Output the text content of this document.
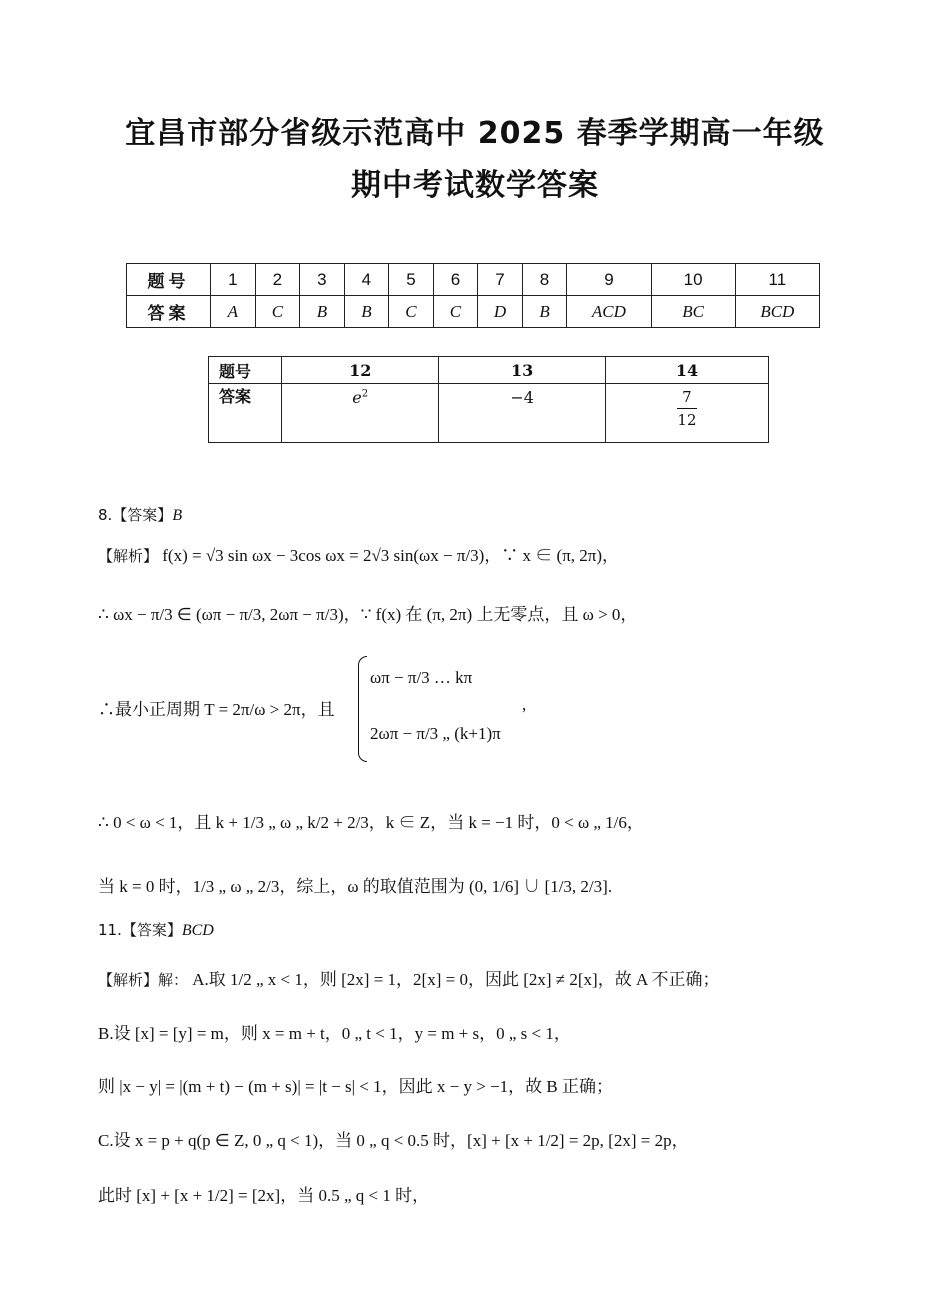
宜昌市部分省级示范高中 2025 春季学期高一年级
期中考试数学答案
题号	1	2	3	4	5	6	7	8	9	10	11
答案	A	C	B	B	C	C	D	B	ACD	BC	BCD
题号	12	13	14
答案	$e^2$	−4	$\frac{7}{12}$
8.【答案】B
【解析】 f(x) = √3 sin ωx − 3cos ωx = 2√3 sin(ωx − π/3)，∵ x ∈ (π, 2π)，
∴ ωx − π/3 ∈ (ωπ − π/3, 2ωπ − π/3)，∵ f(x) 在 (π, 2π) 上无零点，且 ω > 0，
∴最小正周期 T = 2π/ω > 2π，且
ωπ − π/3 … kπ
2ωπ − π/3 „ (k+1)π
,
∴ 0 < ω < 1，且 k + 1/3 „ ω „ k/2 + 2/3，k ∈ Z，当 k = −1 时，0 < ω „ 1/6，
当 k = 0 时，1/3 „ ω „ 2/3，综上，ω 的取值范围为 (0, 1/6] ∪ [1/3, 2/3].
11.【答案】BCD
【解析】解： A.取 1/2 „ x < 1，则 [2x] = 1，2[x] = 0，因此 [2x] ≠ 2[x]，故 A 不正确；
B.设 [x] = [y] = m，则 x = m + t，0 „ t < 1，y = m + s，0 „ s < 1，
则 |x − y| = |(m + t) − (m + s)| = |t − s| < 1，因此 x − y > −1，故 B 正确；
C.设 x = p + q(p ∈ Z, 0 „ q < 1)，当 0 „ q < 0.5 时，[x] + [x + 1/2] = 2p, [2x] = 2p，
此时 [x] + [x + 1/2] = [2x]，当 0.5 „ q < 1 时，
